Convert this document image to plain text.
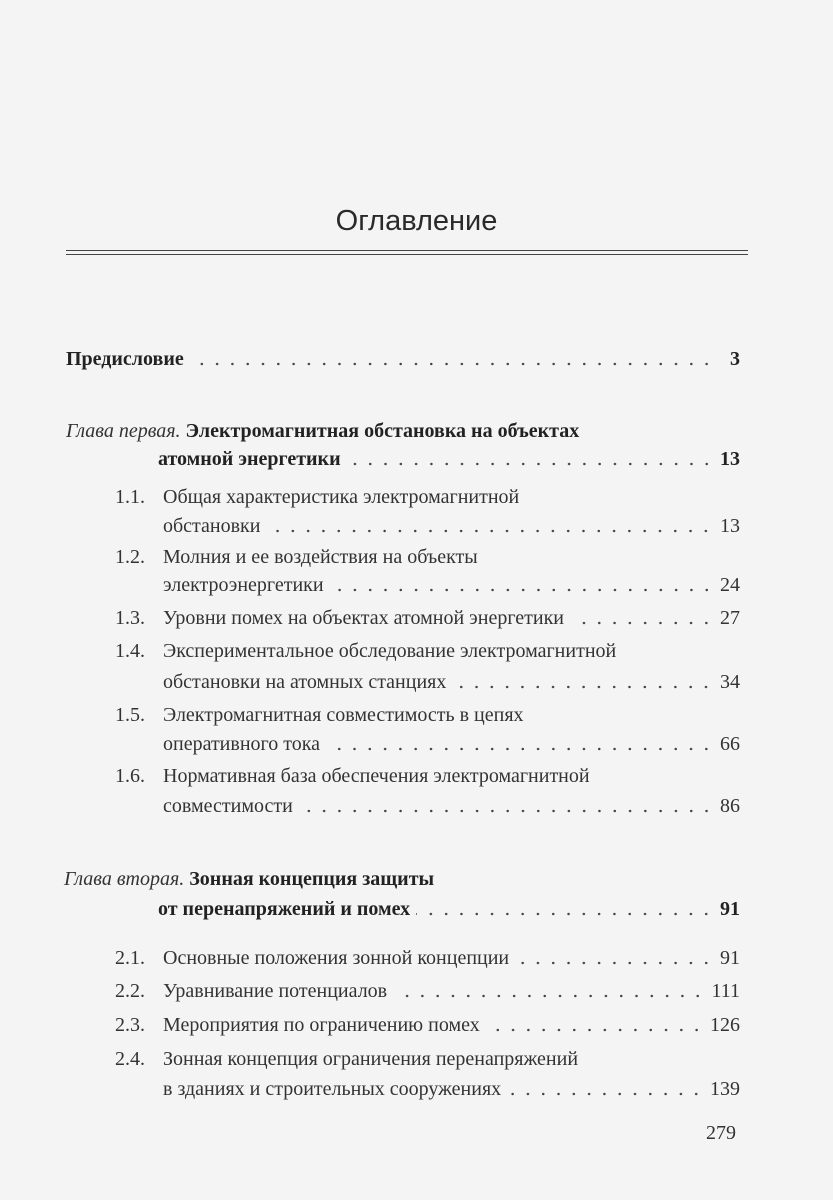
Оглавление
Предисловие	3
Глава первая.
Электромагнитная обстановка на объектах
атомной энергетики	13
1.1. Общая характеристика электромагнитной
обстановки	13
1.2. Молния и ее воздействия на объекты
электроэнергетики	24
1.3. Уровни помех на объектах атомной энергетики	27
1.4. Экспериментальное обследование электромагнитной
обстановки на атомных станциях	34
1.5. Электромагнитная совместимость в цепях
оперативного тока	66
1.6. Нормативная база обеспечения электромагнитной
совместимости	86
Глава вторая.
Зонная концепция защиты
от перенапряжений и помех	91
2.1. Основные положения зонной концепции	91
2.2. Уравнивание потенциалов	111
2.3. Мероприятия по ограничению помех	126
2.4. Зонная концепция ограничения перенапряжений
в зданиях и строительных сооружениях	139
279
